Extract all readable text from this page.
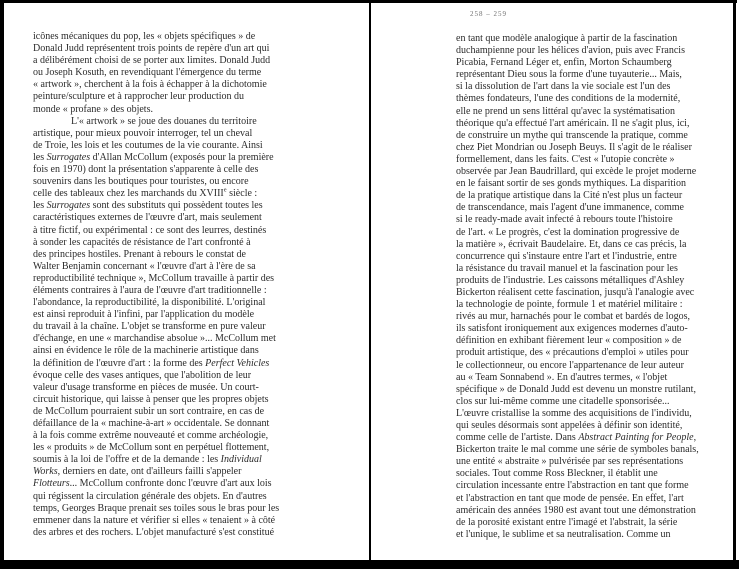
258 – 259
icônes mécaniques du pop, les « objets spécifiques » de
Donald Judd représentent trois points de repère d'un art qui
a délibérément choisi de se porter aux limites. Donald Judd
ou Joseph Kosuth, en revendiquant l'émergence du terme
« artwork », cherchent à la fois à échapper à la dichotomie
peinture/sculpture et à rapprocher leur production du
monde « profane » des objets.
L'« artwork » se joue des douanes du territoire
artistique, pour mieux pouvoir interroger, tel un cheval
de Troie, les lois et les coutumes de la vie courante. Ainsi
les Surrogates d'Allan McCollum (exposés pour la première
fois en 1970) dont la présentation s'apparente à celle des
souvenirs dans les boutiques pour touristes, ou encore
celle des tableaux chez les marchands du XVIIIe siècle :
les Surrogates sont des substituts qui possèdent toutes les
caractéristiques externes de l'œuvre d'art, mais seulement
à titre fictif, ou expérimental : ce sont des leurres, destinés
à sonder les capacités de résistance de l'art confronté à
des principes hostiles. Prenant à rebours le constat de
Walter Benjamin concernant « l'œuvre d'art à l'ère de sa
reproductibilité technique », McCollum travaille à partir des
éléments contraires à l'aura de l'œuvre d'art traditionnelle :
l'abondance, la reproductibilité, la disponibilité. L'original
est ainsi reproduit à l'infini, par l'application du modèle
du travail à la chaîne. L'objet se transforme en pure valeur
d'échange, en une « marchandise absolue »... McCollum met
ainsi en évidence le rôle de la machinerie artistique dans
la définition de l'œuvre d'art : la forme des Perfect Vehicles
évoque celle des vases antiques, que l'abolition de leur
valeur d'usage transforme en pièces de musée. Un court-
circuit historique, qui laisse à penser que les propres objets
de McCollum pourraient subir un sort contraire, en cas de
défaillance de la « machine-à-art » occidentale. Se donnant
à la fois comme extrême nouveauté et comme archéologie,
les « produits » de McCollum sont en perpétuel flottement,
soumis à la loi de l'offre et de la demande : les Individual
Works, derniers en date, ont d'ailleurs failli s'appeler
Flotteurs... McCollum confronte donc l'œuvre d'art aux lois
qui régissent la circulation générale des objets. En d'autres
temps, Georges Braque prenait ses toiles sous le bras pour les
emmener dans la nature et vérifier si elles « tenaient » à côté
des arbres et des rochers. L'objet manufacturé s'est constitué
en tant que modèle analogique à partir de la fascination
duchampienne pour les hélices d'avion, puis avec Francis
Picabia, Fernand Léger et, enfin, Morton Schaumberg
représentant Dieu sous la forme d'une tuyauterie... Mais,
si la dissolution de l'art dans la vie sociale est l'un des
thèmes fondateurs, l'une des conditions de la modernité,
elle ne prend un sens littéral qu'avec la systématisation
théorique qu'a effectué l'art américain. Il ne s'agit plus, ici,
de construire un mythe qui transcende la pratique, comme
chez Piet Mondrian ou Joseph Beuys. Il s'agit de le réaliser
formellement, dans les faits. C'est « l'utopie concrète »
observée par Jean Baudrillard, qui excède le projet moderne
en le faisant sortir de ses gonds mythiques. La disparition
de la pratique artistique dans la Cité n'est plus un facteur
de transcendance, mais l'agent d'une immanence, comme
si le ready-made avait infecté à rebours toute l'histoire
de l'art. « Le progrès, c'est la domination progressive de
la matière », écrivait Baudelaire. Et, dans ce cas précis, la
concurrence qui s'instaure entre l'art et l'industrie, entre
la résistance du travail manuel et la fascination pour les
produits de l'industrie. Les caissons métalliques d'Ashley
Bickerton réalisent cette fascination, jusqu'à l'analogie avec
la technologie de pointe, formule 1 et matériel militaire :
rivés au mur, harnachés pour le combat et bardés de logos,
ils satisfont ironiquement aux exigences modernes d'auto-
définition en exhibant fièrement leur « composition » de
produit artistique, des « précautions d'emploi » utiles pour
le collectionneur, ou encore l'appartenance de leur auteur
au « Team Sonnabend ». En d'autres termes, « l'objet
spécifique » de Donald Judd est devenu un monstre rutilant,
clos sur lui-même comme une citadelle sponsorisée...
L'œuvre cristallise la somme des acquisitions de l'individu,
qui seules désormais sont appelées à définir son identité,
comme celle de l'artiste. Dans Abstract Painting for People,
Bickerton traite le mal comme une série de symboles banals,
une entité « abstraite » pulvérisée par ses représentations
sociales. Tout comme Ross Bleckner, il établit une
circulation incessante entre l'abstraction en tant que forme
et l'abstraction en tant que mode de pensée. En effet, l'art
américain des années 1980 est avant tout une démonstration
de la porosité existant entre l'imagé et l'abstrait, la série
et l'unique, le sublime et sa neutralisation. Comme un
